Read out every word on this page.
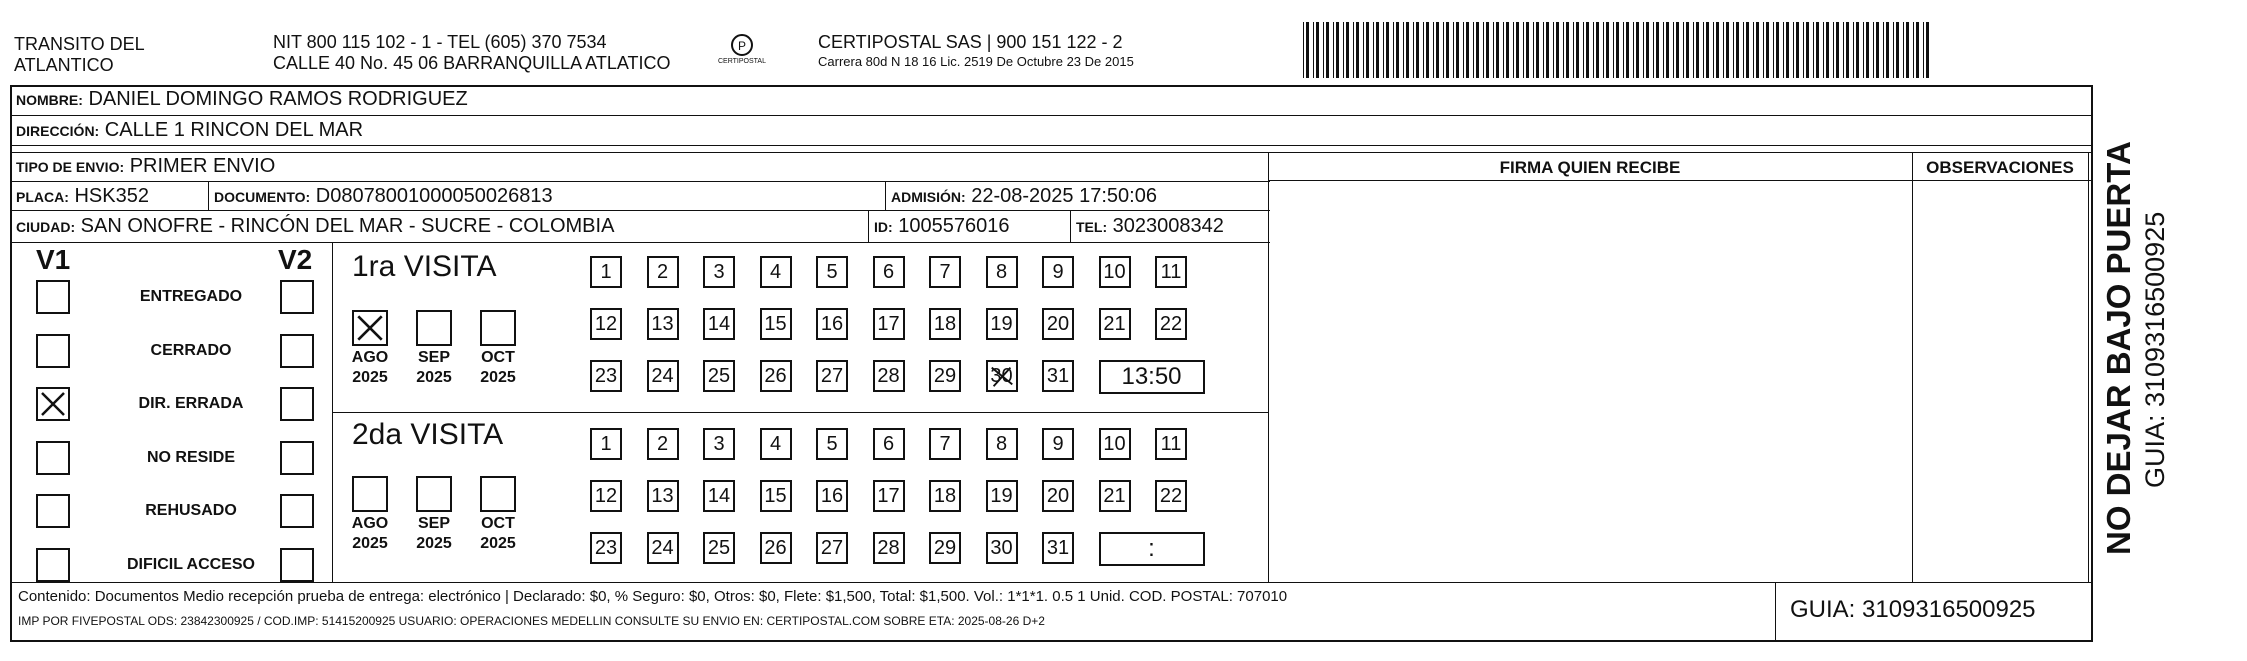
TRANSITO DEL
ATLANTICO
NIT 800 115 102 - 1 - TEL (605) 370 7534
CALLE 40 No. 45 06 BARRANQUILLA ATLATICO
P
CERTIPOSTAL
CERTIPOSTAL SAS | 900 151 122 - 2
Carrera 80d N 18 16 Lic. 2519 De Octubre 23 De 2015
NOMBRE: DANIEL DOMINGO RAMOS RODRIGUEZ
DIRECCIÓN: CALLE 1 RINCON DEL MAR
TIPO DE ENVIO: PRIMER ENVIO
PLACA: HSK352	DOCUMENTO: D08078001000050026813	ADMISIÓN: 22-08-2025 17:50:06
CIUDAD: SAN ONOFRE - RINCÓN DEL MAR - SUCRE - COLOMBIA	ID: 1005576016	TEL: 3023008342
FIRMA QUIEN RECIBE	OBSERVACIONES
V1	V2
ENTREGADO
CERRADO
DIR. ERRADA
NO RESIDE
REHUSADO
DIFICIL ACCESO
1ra VISITA
2da VISITA
AGO
2025
SEP
2025
OCT
2025
AGO
2025
SEP
2025
OCT
2025
1	2	3	4	5	6	7	8	9	10 11
12 13 14 15 16 17 18 19 20 21 22
23 24 25 26 27 28 29 30 31	13:50
1	2	3	4	5	6	7	8	9	10 11
12 13 14 15 16 17 18 19 20 21 22
23 24 25 26 27 28 29 30 31	:
Contenido: Documentos Medio recepción prueba de entrega: electrónico | Declarado: $0, % Seguro: $0, Otros: $0, Flete: $1,500, Total: $1,500. Vol.: 1*1*1. 0.5 1 Unid. COD. POSTAL: 707010
IMP POR FIVEPOSTAL ODS: 23842300925 / COD.IMP: 51415200925 USUARIO: OPERACIONES MEDELLIN CONSULTE SU ENVIO EN: CERTIPOSTAL.COM SOBRE ETA: 2025-08-26 D+2	GUIA: 3109316500925
NO DEJAR BAJO PUERTA GUIA: 3109316500925
